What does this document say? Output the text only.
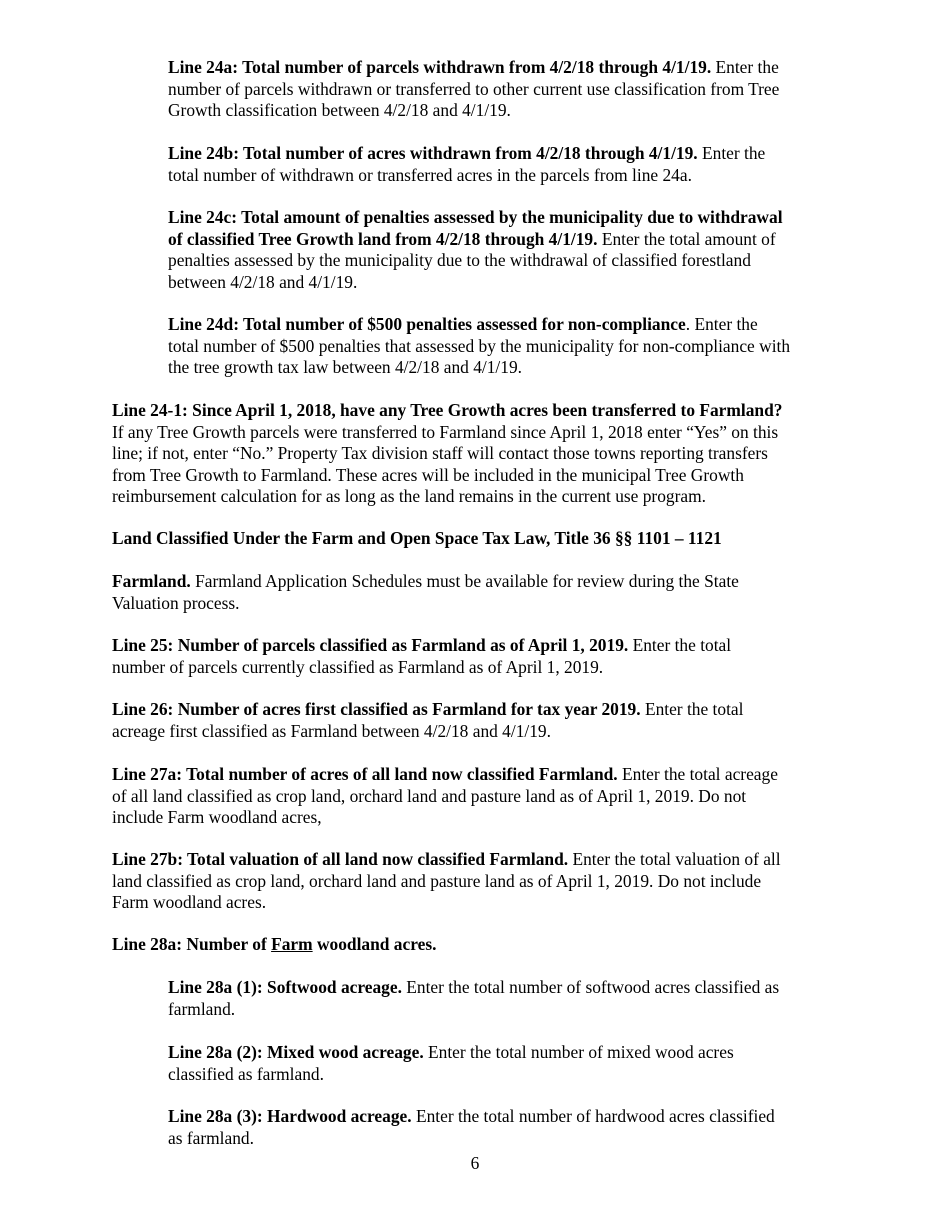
Line 24a: Total number of parcels withdrawn from 4/2/18 through 4/1/19. Enter the
number of parcels withdrawn or transferred to other current use classification from Tree
Growth classification between 4/2/18 and 4/1/19.

Line 24b: Total number of acres withdrawn from 4/2/18 through 4/1/19. Enter the
total number of withdrawn or transferred acres in the parcels from line 24a.

Line 24c: Total amount of penalties assessed by the municipality due to withdrawal
of classified Tree Growth land from 4/2/18 through 4/1/19. Enter the total amount of
penalties assessed by the municipality due to the withdrawal of classified forestland
between 4/2/18 and 4/1/19.

Line 24d: Total number of $500 penalties assessed for non-compliance. Enter the
total number of $500 penalties that assessed by the municipality for non-compliance with
the tree growth tax law between 4/2/18 and 4/1/19.

Line 24-1: Since April 1, 2018, have any Tree Growth acres been transferred to Farmland?
If any Tree Growth parcels were transferred to Farmland since April 1, 2018 enter “Yes” on this
line; if not, enter “No.” Property Tax division staff will contact those towns reporting transfers
from Tree Growth to Farmland. These acres will be included in the municipal Tree Growth
reimbursement calculation for as long as the land remains in the current use program.

Land Classified Under the Farm and Open Space Tax Law, Title 36 §§ 1101 – 1121

Farmland. Farmland Application Schedules must be available for review during the State
Valuation process.

Line 25: Number of parcels classified as Farmland as of April 1, 2019. Enter the total
number of parcels currently classified as Farmland as of April 1, 2019.

Line 26: Number of acres first classified as Farmland for tax year 2019. Enter the total
acreage first classified as Farmland between 4/2/18 and 4/1/19.

Line 27a: Total number of acres of all land now classified Farmland. Enter the total acreage
of all land classified as crop land, orchard land and pasture land as of April 1, 2019. Do not
include Farm woodland acres,

Line 27b: Total valuation of all land now classified Farmland. Enter the total valuation of all
land classified as crop land, orchard land and pasture land as of April 1, 2019. Do not include
Farm woodland acres.

Line 28a: Number of Farm woodland acres.

Line 28a (1): Softwood acreage. Enter the total number of softwood acres classified as
farmland.

Line 28a (2): Mixed wood acreage. Enter the total number of mixed wood acres
classified as farmland.

Line 28a (3): Hardwood acreage. Enter the total number of hardwood acres classified
as farmland.

6
